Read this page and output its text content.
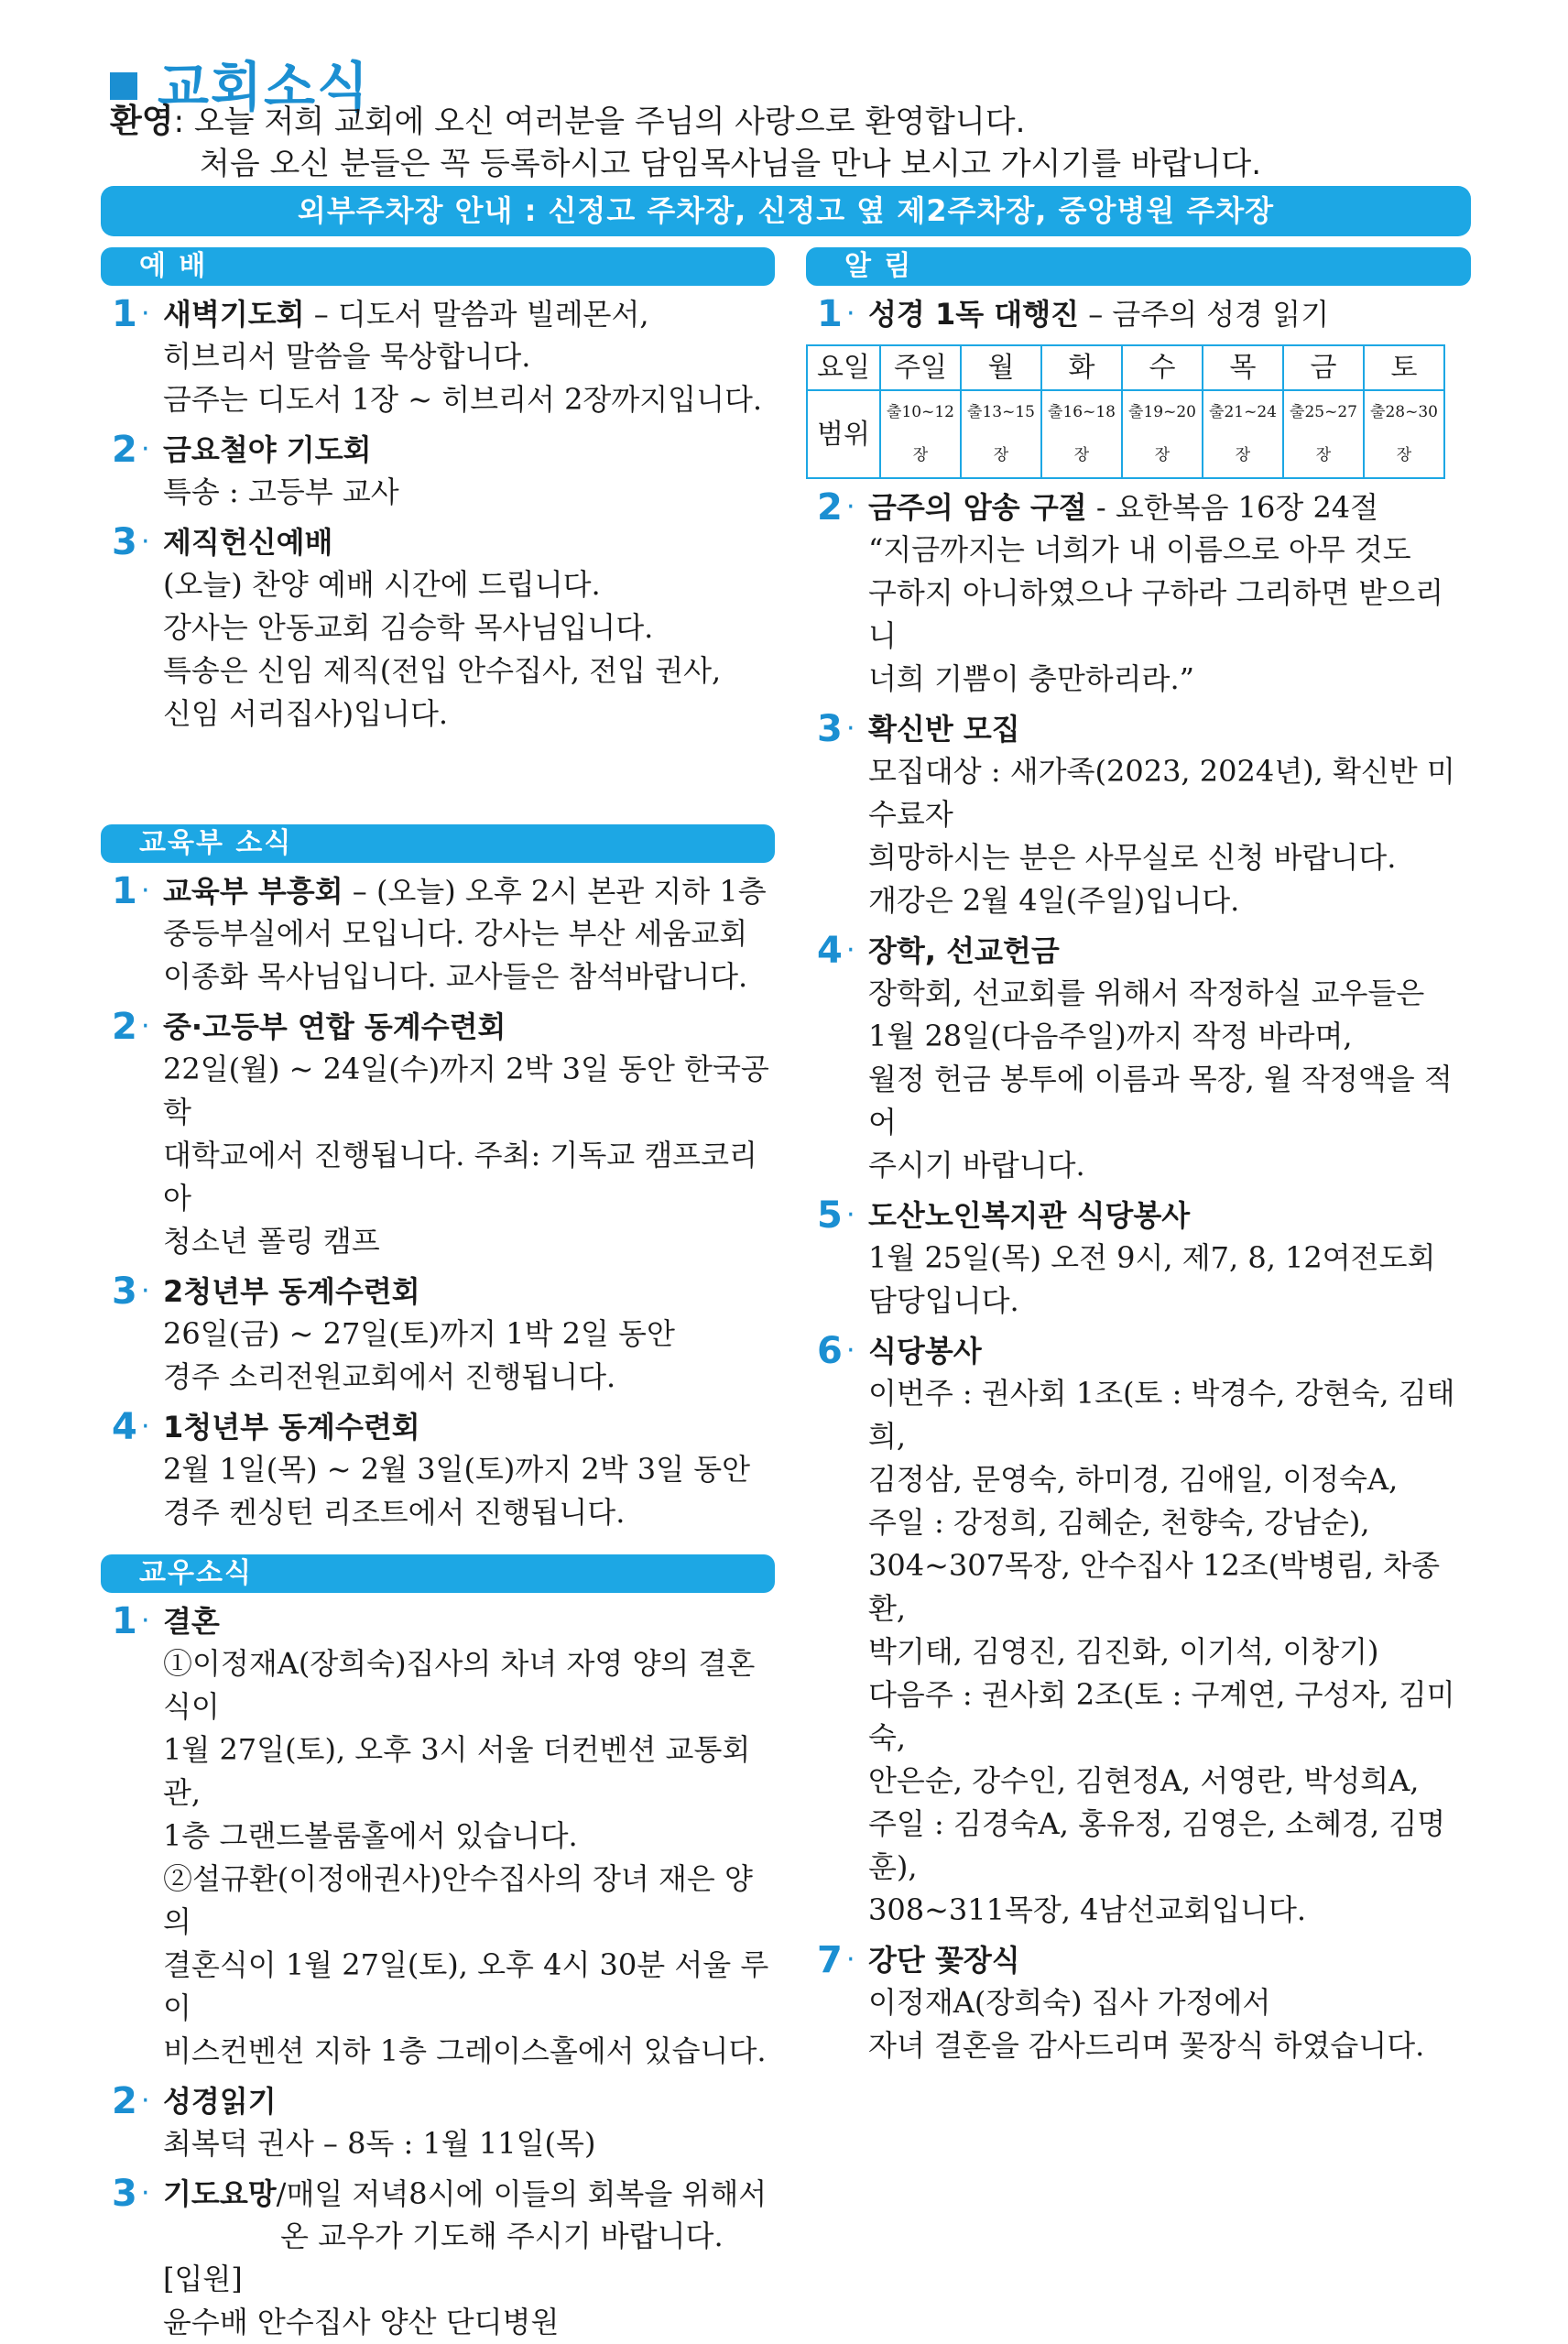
교회소식
환영: 오늘 저희 교회에 오신 여러분을 주님의 사랑으로 환영합니다.
처음 오신 분들은 꼭 등록하시고 담임목사님을 만나 보시고 가시기를 바랍니다.
외부주차장 안내 : 신정고 주차장, 신정고 옆 제2주차장, 중앙병원 주차장
예 배
1 · 새벽기도회 – 디도서 말씀과 빌레몬서,

히브리서 말씀을 묵상합니다.

금주는 디도서 1장 ~ 히브리서 2장까지입니다.

2 · 금요철야 기도회

특송 : 고등부 교사

3 · 제직헌신예배

(오늘) 찬양 예배 시간에 드립니다.

강사는 안동교회 김승학 목사님입니다.

특송은 신임 제직(전입 안수집사, 전입 권사,

신임 서리집사)입니다.

교육부 소식
1 · 교육부 부흥회 – (오늘) 오후 2시 본관 지하 1층

중등부실에서 모입니다. 강사는 부산 세움교회

이종화 목사님입니다. 교사들은 참석바랍니다.

2 · 중·고등부 연합 동계수련회

22일(월) ~ 24일(수)까지 2박 3일 동안 한국공학

대학교에서 진행됩니다. 주최: 기독교 캠프코리아

청소년 폴링 캠프

3 · 2청년부 동계수련회

26일(금) ~ 27일(토)까지 1박 2일 동안

경주 소리전원교회에서 진행됩니다.

4 · 1청년부 동계수련회

2월 1일(목) ~ 2월 3일(토)까지 2박 3일 동안

경주 켄싱턴 리조트에서 진행됩니다.

교우소식
1 · 결혼

①이정재A(장희숙)집사의 차녀 자영 양의 결혼식이

1월 27일(토), 오후 3시 서울 더컨벤션 교통회관,

1층 그랜드볼룸홀에서 있습니다.

②설규환(이정애권사)안수집사의 장녀 재은 양의

결혼식이 1월 27일(토), 오후 4시 30분 서울 루이

비스컨벤션 지하 1층 그레이스홀에서 있습니다.

2 · 성경읽기

최복덕 권사 – 8독 : 1월 11일(목)

3 · 기도요망/매일 저녁8시에 이들의 회복을 위해서

온 교우가 기도해 주시기 바랍니다.

[입원]

윤수배 안수집사 양산 단디병원

알 림
1 · 성경 1독 대행진 – 금주의 성경 읽기
요일	주일	월	화	수	목	금	토
범위	출10~12장	출13~15장	출16~18장	출19~20장	출21~24장	출25~27장	출28~30장
2 · 금주의 암송 구절 - 요한복음 16장 24절

“지금까지는 너희가 내 이름으로 아무 것도

구하지 아니하였으나 구하라 그리하면 받으리니

너희 기쁨이 충만하리라.”

3 · 확신반 모집

모집대상 : 새가족(2023, 2024년), 확신반 미수료자

희망하시는 분은 사무실로 신청 바랍니다.

개강은 2월 4일(주일)입니다.

4 · 장학, 선교헌금

장학회, 선교회를 위해서 작정하실 교우들은

1월 28일(다음주일)까지 작정 바라며,

월정 헌금 봉투에 이름과 목장, 월 작정액을 적어

주시기 바랍니다.

5 · 도산노인복지관 식당봉사

1월 25일(목) 오전 9시, 제7, 8, 12여전도회

담당입니다.

6 · 식당봉사

이번주 : 권사회 1조(토 : 박경수, 강현숙, 김태희,

김정삼, 문영숙, 하미경, 김애일, 이정숙A,

주일 : 강정희, 김혜순, 천향숙, 강남순),

304~307목장, 안수집사 12조(박병림, 차종환,

박기태, 김영진, 김진화, 이기석, 이창기)

다음주 : 권사회 2조(토 : 구계연, 구성자, 김미숙,

안은순, 강수인, 김현정A, 서영란, 박성희A,

주일 : 김경숙A, 홍유정, 김영은, 소혜경, 김명훈),

308~311목장, 4남선교회입니다.

7 · 강단 꽃장식

이정재A(장희숙) 집사 가정에서

자녀 결혼을 감사드리며 꽃장식 하였습니다.
